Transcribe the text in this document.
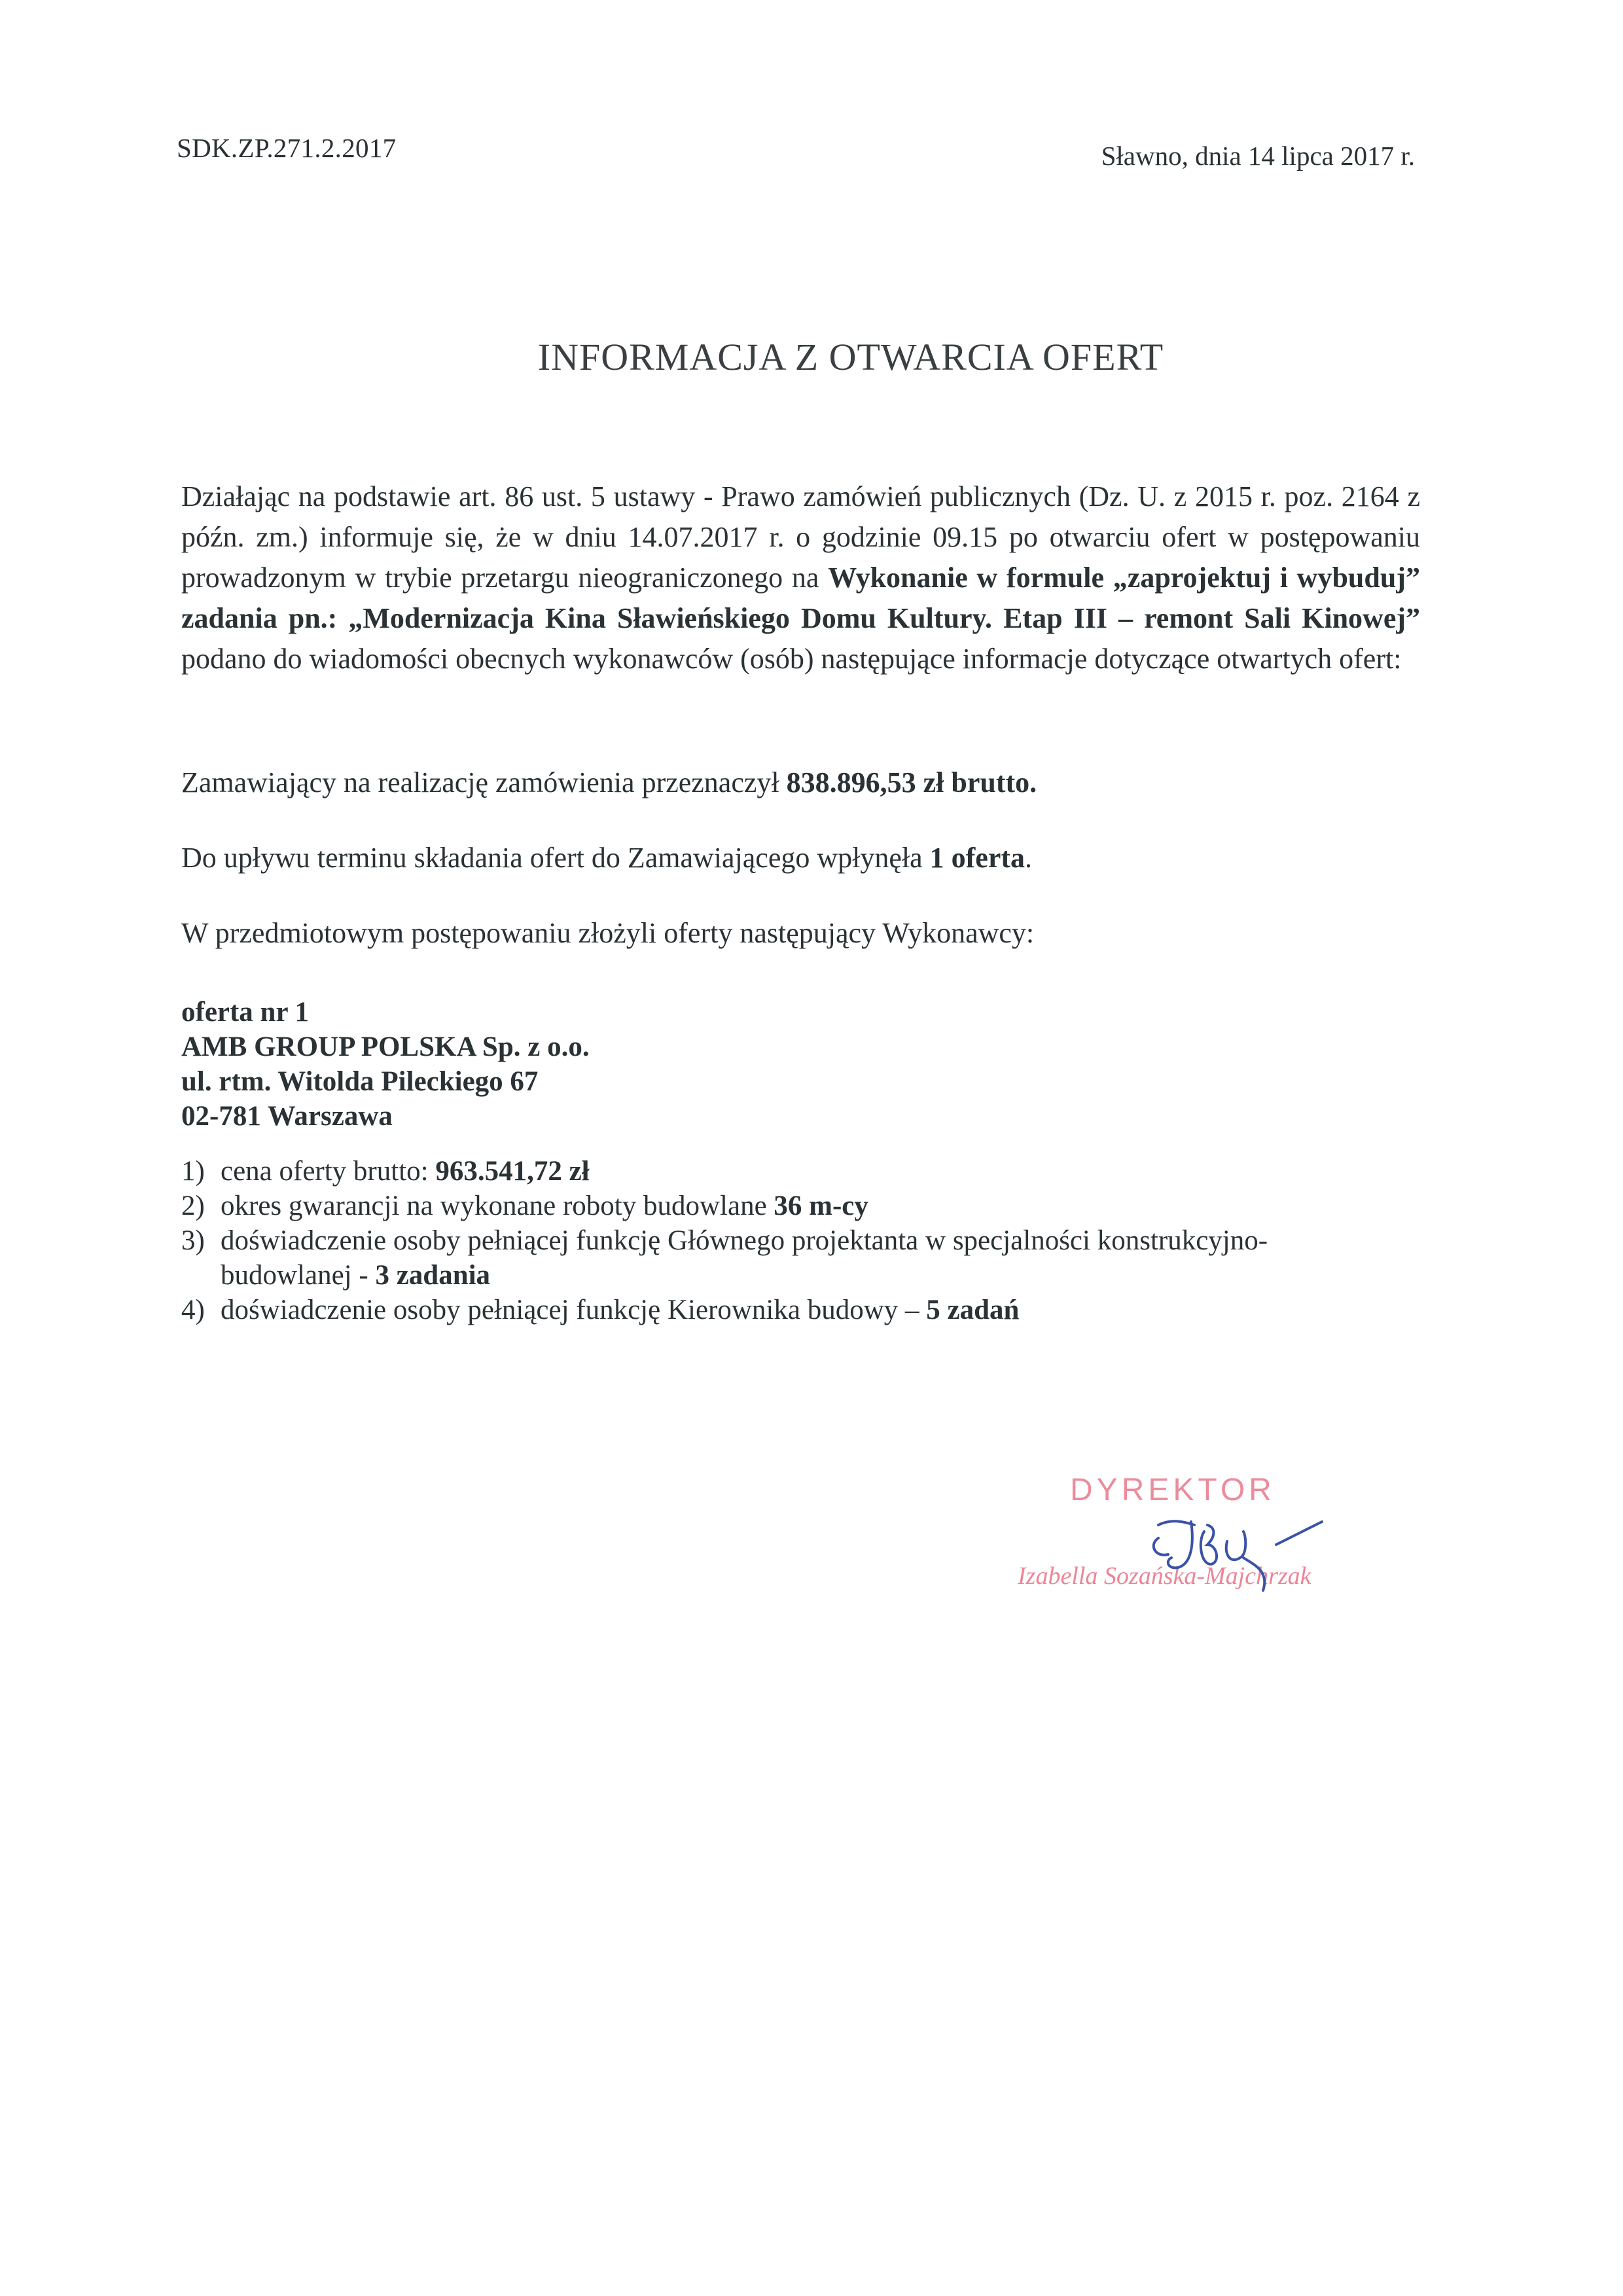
SDK.ZP.271.2.2017	Sławno, dnia 14 lipca 2017 r.
INFORMACJA Z OTWARCIA OFERT
Działając na podstawie art. 86 ust. 5 ustawy - Prawo zamówień publicznych (Dz. U. z 2015 r. poz. 2164 z późn. zm.) informuje się, że w dniu 14.07.2017 r. o godzinie 09.15 po otwarciu ofert w postępowaniu prowadzonym w trybie przetargu nieograniczonego na Wykonanie w formule „zaprojektuj i wybuduj” zadania pn.: „Modernizacja Kina Sławieńskiego Domu Kultury. Etap III – remont Sali Kinowej” podano do wiadomości obecnych wykonawców (osób) następujące informacje dotyczące otwartych ofert:
Zamawiający na realizację zamówienia przeznaczył 838.896,53 zł brutto.
Do upływu terminu składania ofert do Zamawiającego wpłynęła 1 oferta.
W przedmiotowym postępowaniu złożyli oferty następujący Wykonawcy:
oferta nr 1
AMB GROUP POLSKA Sp. z o.o.
ul. rtm. Witolda Pileckiego 67
02-781 Warszawa
1) cena oferty brutto: 963.541,72 zł
2) okres gwarancji na wykonane roboty budowlane 36 m-cy
3) doświadczenie osoby pełniącej funkcję Głównego projektanta w specjalności konstrukcyjno-budowlanej - 3 zadania
4) doświadczenie osoby pełniącej funkcję Kierownika budowy – 5 zadań
DYREKTOR
Izabella Sozańska-Majchrzak
